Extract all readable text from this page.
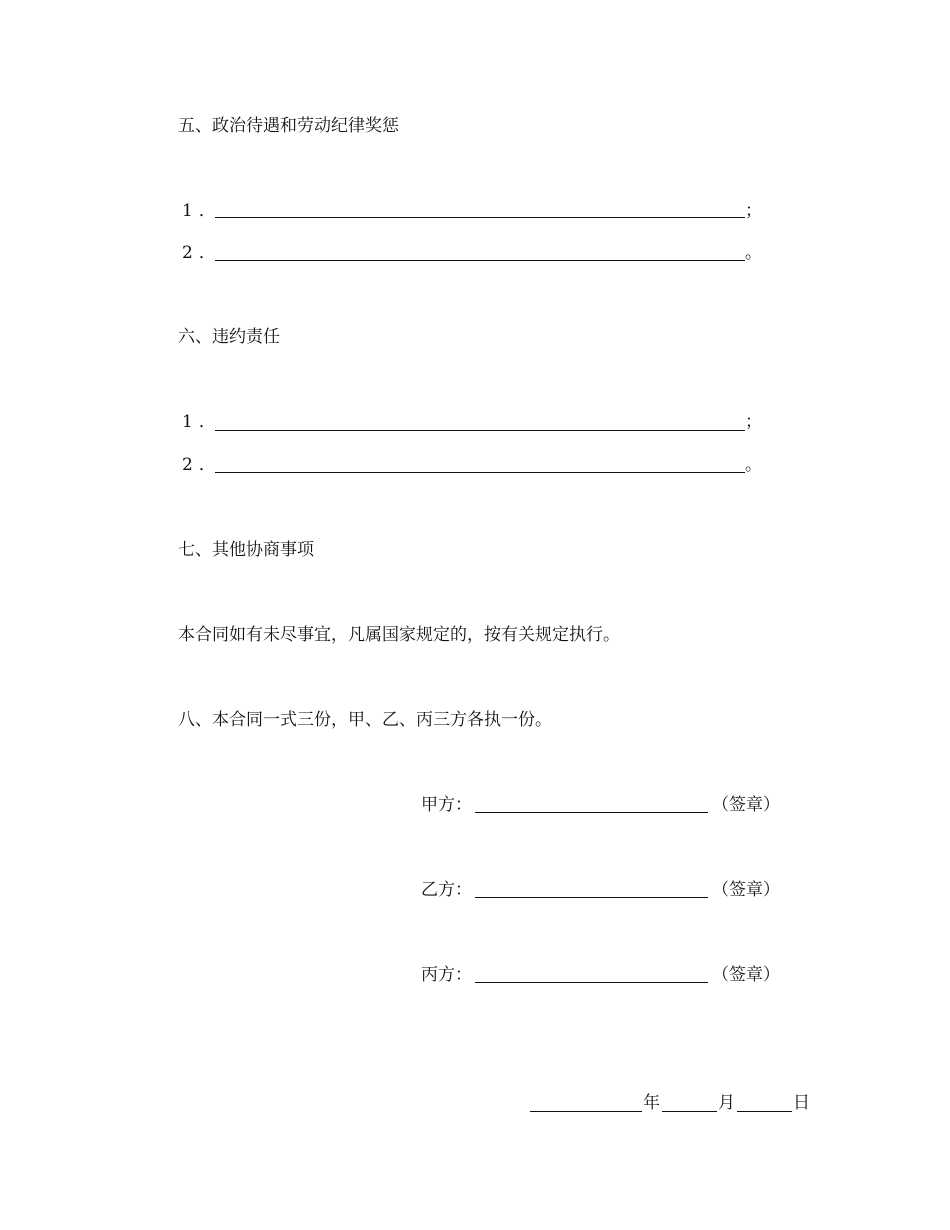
五、政治待遇和劳动纪律奖惩
1．	；
2．	。
六、违约责任
1．	；
2．	。
七、其他协商事项
本合同如有未尽事宜，凡属国家规定的，按有关规定执行。
八、本合同一式三份，甲、乙、丙三方各执一份。
甲方：	（签章）
乙方：	（签章）
丙方：	（签章）
年	月	日
